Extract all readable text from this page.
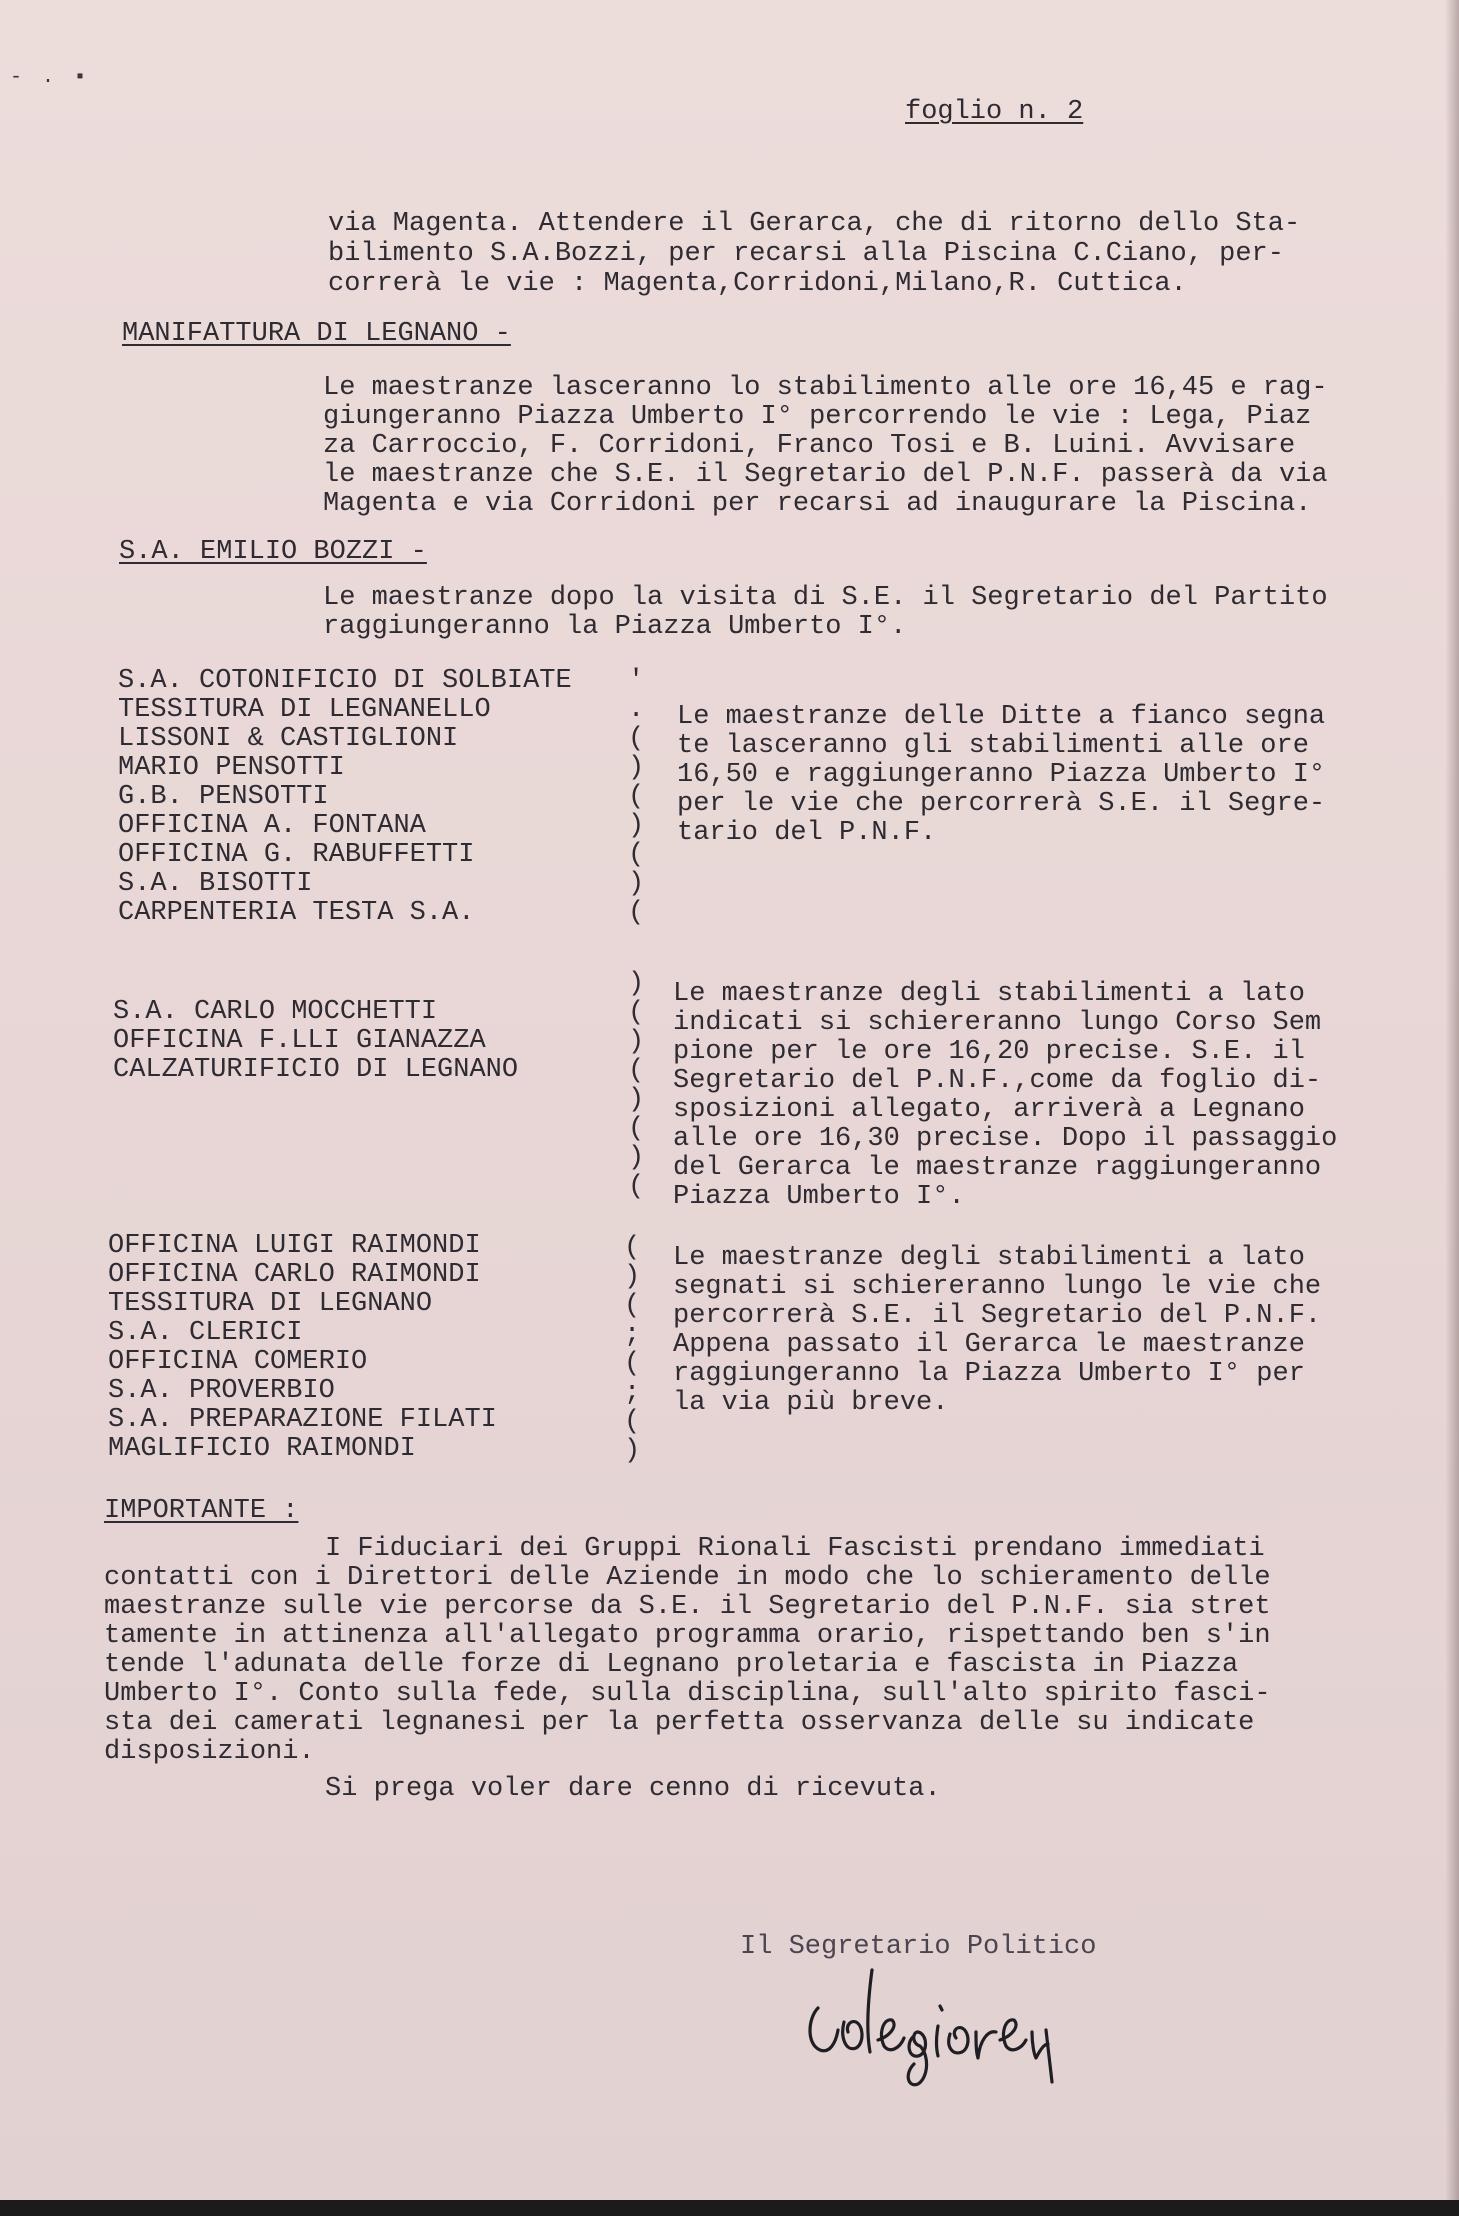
- . ▪
foglio n. 2
via Magenta. Attendere il Gerarca, che di ritorno dello Sta-
bilimento S.A.Bozzi, per recarsi alla Piscina C.Ciano, per-
correrà le vie : Magenta,Corridoni,Milano,R. Cuttica.
MANIFATTURA DI LEGNANO -
Le maestranze lasceranno lo stabilimento alle ore 16,45 e rag-
giungeranno Piazza Umberto I° percorrendo le vie : Lega, Piaz
za Carroccio, F. Corridoni, Franco Tosi e B. Luini. Avvisare
le maestranze che S.E. il Segretario del P.N.F. passerà da via
Magenta e via Corridoni per recarsi ad inaugurare la Piscina.
S.A. EMILIO BOZZI -
Le maestranze dopo la visita di S.E. il Segretario del Partito
raggiungeranno la Piazza Umberto I°.
S.A. COTONIFICIO DI SOLBIATE
TESSITURA DI LEGNANELLO
LISSONI & CASTIGLIONI
MARIO PENSOTTI
G.B. PENSOTTI
OFFICINA A. FONTANA
OFFICINA G. RABUFFETTI
S.A. BISOTTI
CARPENTERIA TESTA S.A.
'
.
(
)
(
)
(
)
(
Le maestranze delle Ditte a fianco segna
te lasceranno gli stabilimenti alle ore
16,50 e raggiungeranno Piazza Umberto I°
per le vie che percorrerà S.E. il Segre-
tario del P.N.F.
S.A. CARLO MOCCHETTI
OFFICINA F.LLI GIANAZZA
CALZATURIFICIO DI LEGNANO
)
(
)
(
)
(
)
(
Le maestranze degli stabilimenti a lato
indicati si schiereranno lungo Corso Sem
pione per le ore 16,20 precise. S.E. il
Segretario del P.N.F.,come da foglio di-
sposizioni allegato, arriverà a Legnano
alle ore 16,30 precise. Dopo il passaggio
del Gerarca le maestranze raggiungeranno
Piazza Umberto I°.
OFFICINA LUIGI RAIMONDI
OFFICINA CARLO RAIMONDI
TESSITURA DI LEGNANO
S.A. CLERICI
OFFICINA COMERIO
S.A. PROVERBIO
S.A. PREPARAZIONE FILATI
MAGLIFICIO RAIMONDI
(
)
(
;
(
;
(
)
Le maestranze degli stabilimenti a lato
segnati si schiereranno lungo le vie che
percorrerà S.E. il Segretario del P.N.F.
Appena passato il Gerarca le maestranze
raggiungeranno la Piazza Umberto I° per
la via più breve.
IMPORTANTE :
I Fiduciari dei Gruppi Rionali Fascisti prendano immediati
contatti con i Direttori delle Aziende in modo che lo schieramento delle
maestranze sulle vie percorse da S.E. il Segretario del P.N.F. sia stret
tamente in attinenza all'allegato programma orario, rispettando ben s'in
tende l'adunata delle forze di Legnano proletaria e fascista in Piazza
Umberto I°. Conto sulla fede, sulla disciplina, sull'alto spirito fasci-
sta dei camerati legnanesi per la perfetta osservanza delle su indicate
disposizioni.
Si prega voler dare cenno di ricevuta.
Il Segretario Politico
